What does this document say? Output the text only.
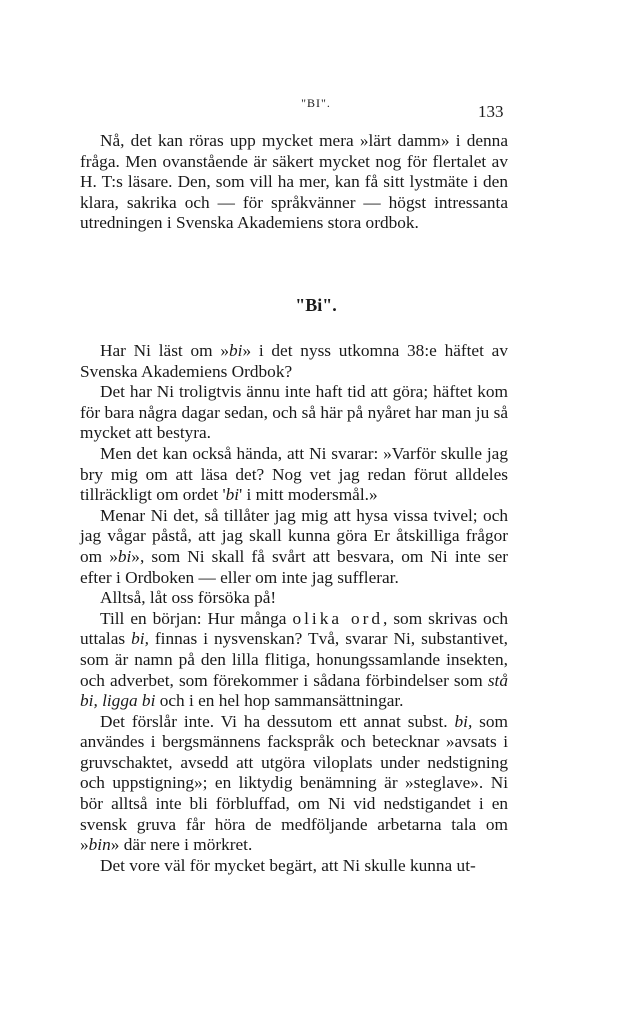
"BI".	133

Nå, det kan röras upp mycket mera »lärt damm» i denna fråga. Men ovanstående är säkert mycket nog för flertalet av H. T:s läsare. Den, som vill ha mer, kan få sitt lystmäte i den klara, sakrika och — för språkvänner — högst intressanta utredningen i Svenska Akademiens stora ordbok.

"Bi".

Har Ni läst om »bi» i det nyss utkomna 38:e häftet av Svenska Akademiens Ordbok?

Det har Ni troligtvis ännu inte haft tid att göra; häftet kom för bara några dagar sedan, och så här på nyåret har man ju så mycket att bestyra.

Men det kan också hända, att Ni svarar: »Varför skulle jag bry mig om att läsa det? Nog vet jag redan förut alldeles tillräckligt om ordet 'bi' i mitt modersmål.»

Menar Ni det, så tillåter jag mig att hysa vissa tvivel; och jag vågar påstå, att jag skall kunna göra Er åtskilliga frågor om »bi», som Ni skall få svårt att besvara, om Ni inte ser efter i Ordboken — eller om inte jag sufflerar.

Alltså, låt oss försöka på!

Till en början: Hur många olika ord, som skrivas och uttalas bi, finnas i nysvenskan? Två, svarar Ni, substantivet, som är namn på den lilla flitiga, honungssamlande insekten, och adverbet, som förekommer i sådana förbindelser som stå bi, ligga bi och i en hel hop sammansättningar.

Det förslår inte. Vi ha dessutom ett annat subst. bi, som användes i bergsmännens fackspråk och betecknar »avsats i gruvschaktet, avsedd att utgöra viloplats under nedstigning och uppstigning»; en liktydig benämning är »steglave». Ni bör alltså inte bli förbluffad, om Ni vid nedstigandet i en svensk gruva får höra de medföljande arbetarna tala om »bin» där nere i mörkret.

Det vore väl för mycket begärt, att Ni skulle kunna ut-
